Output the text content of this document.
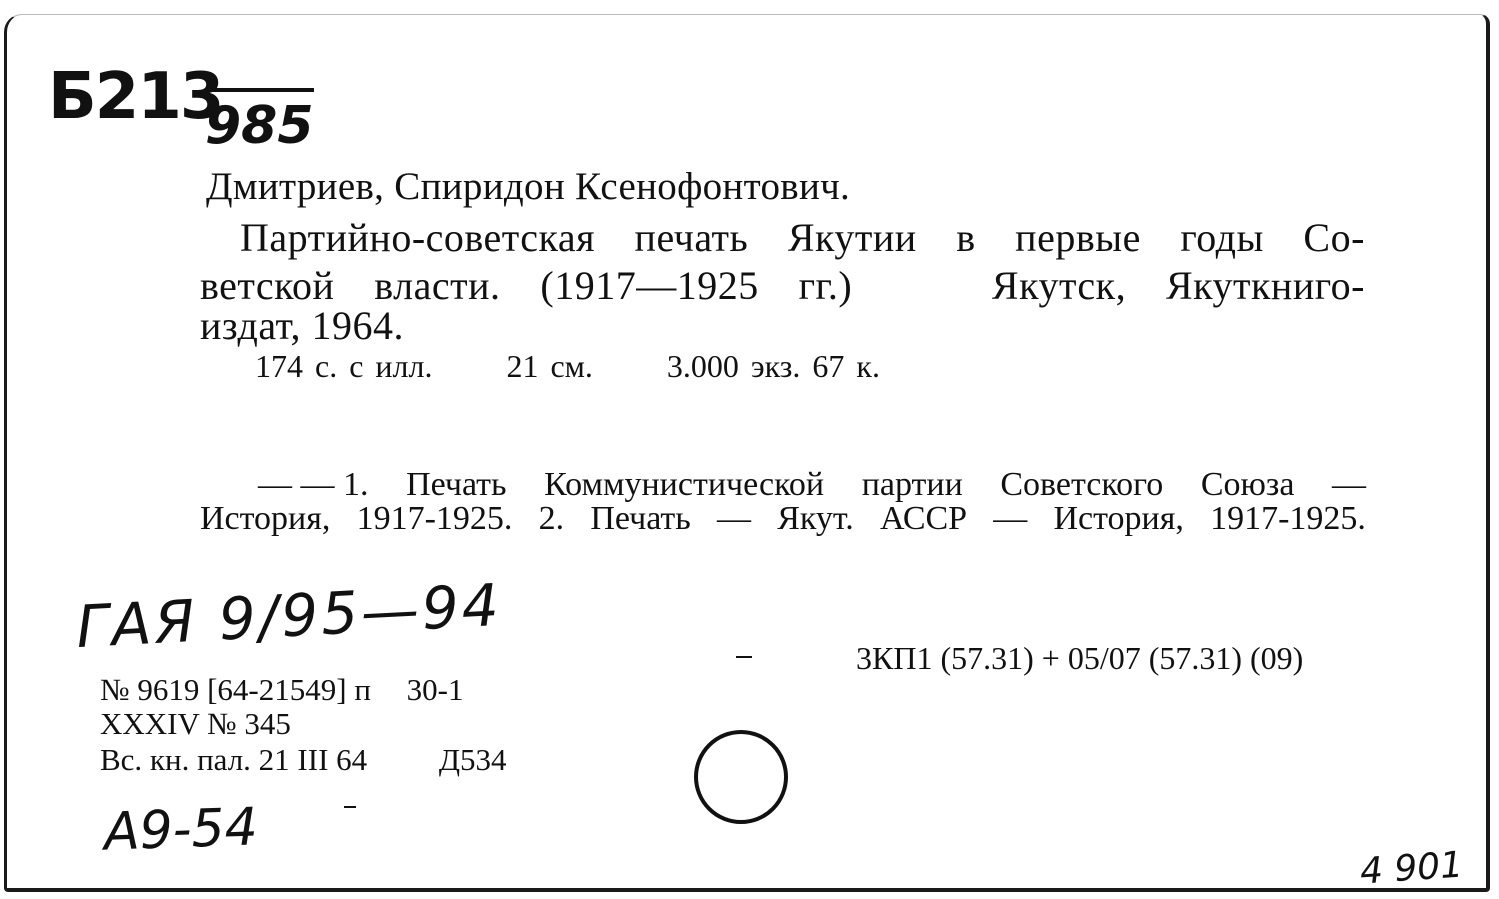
Б213
985
Дмитриев, Спиридон Ксенофонтович.
Партийно-советская печать Якутии в первые годы Со-
ветской власти. (1917—1925 гг.)	Якутск, Якуткниго-
издат, 1964.
174 с. с илл. 21 см. 3.000 экз. 67 к.
— — 1. Печать Коммунистической партии Советского Союза —
История, 1917-1925. 2. Печать — Якут. АССР — История, 1917-1925.
ГАЯ 9/95—94	3КП1 (57.31) + 05/07 (57.31) (09)
№ 9619 [64-21549] п 30-1
XXXIV № 345
Вс. кн. пал. 21 III 64 Д534
А9-54
4 901
